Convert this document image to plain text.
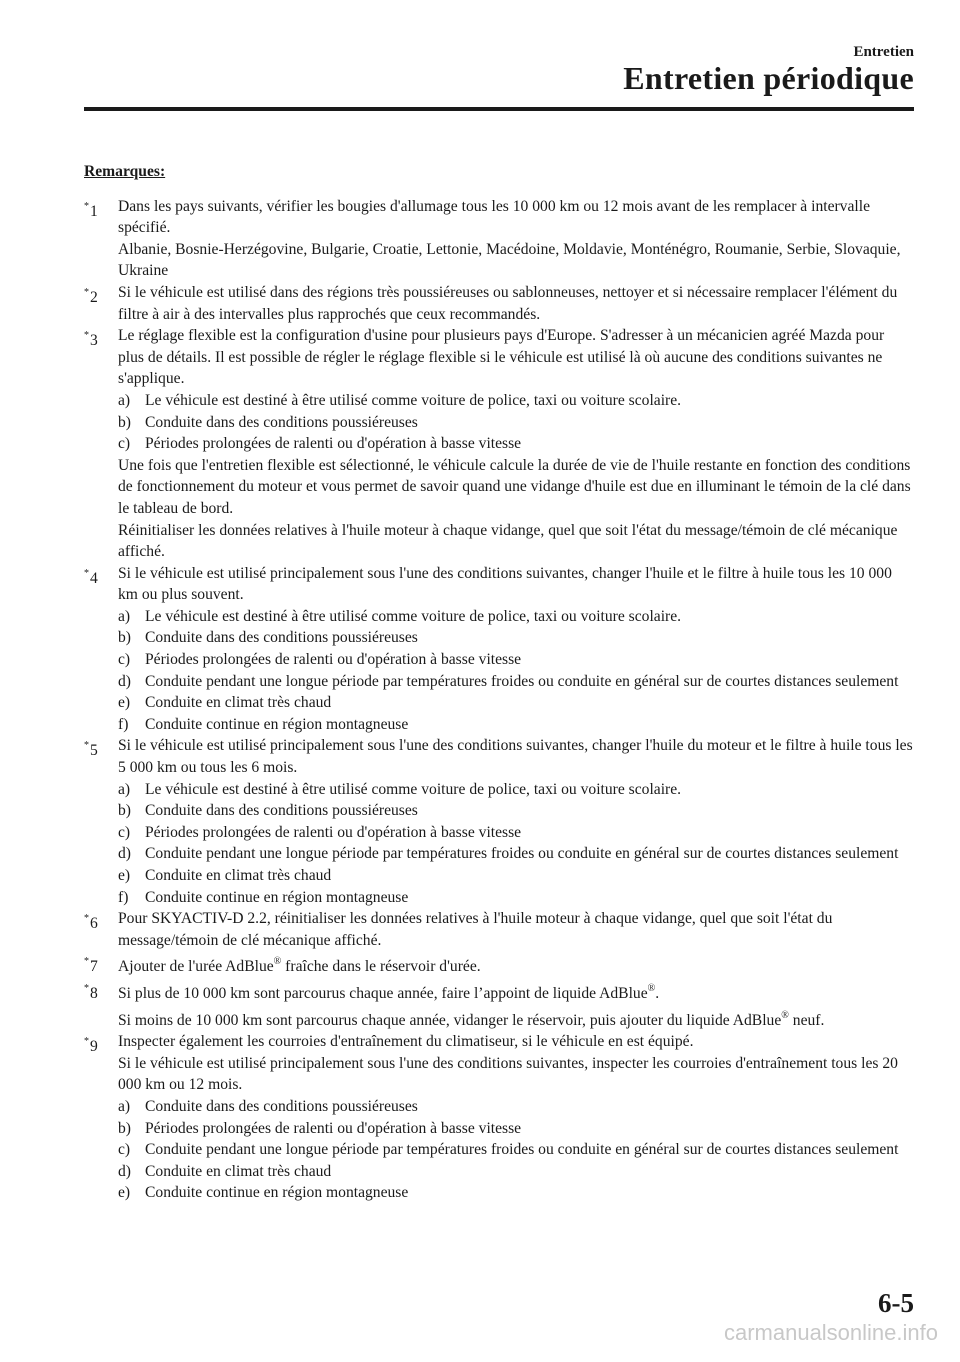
Entretien
Entretien périodique
Remarques:
*1 Dans les pays suivants, vérifier les bougies d'allumage tous les 10 000 km ou 12 mois avant de les remplacer à intervalle spécifié.
Albanie, Bosnie-Herzégovine, Bulgarie, Croatie, Lettonie, Macédoine, Moldavie, Monténégro, Roumanie, Serbie, Slovaquie, Ukraine
*2 Si le véhicule est utilisé dans des régions très poussiéreuses ou sablonneuses, nettoyer et si nécessaire remplacer l'élément du filtre à air à des intervalles plus rapprochés que ceux recommandés.
*3 Le réglage flexible est la configuration d'usine pour plusieurs pays d'Europe. S'adresser à un mécanicien agréé Mazda pour plus de détails. Il est possible de régler le réglage flexible si le véhicule est utilisé là où aucune des conditions suivantes ne s'applique.
a) Le véhicule est destiné à être utilisé comme voiture de police, taxi ou voiture scolaire.
b) Conduite dans des conditions poussiéreuses
c) Périodes prolongées de ralenti ou d'opération à basse vitesse
Une fois que l'entretien flexible est sélectionné, le véhicule calcule la durée de vie de l'huile restante en fonction des conditions de fonctionnement du moteur et vous permet de savoir quand une vidange d'huile est due en illuminant le témoin de la clé dans le tableau de bord.
Réinitialiser les données relatives à l'huile moteur à chaque vidange, quel que soit l'état du message/témoin de clé mécanique affiché.
*4 Si le véhicule est utilisé principalement sous l'une des conditions suivantes, changer l'huile et le filtre à huile tous les 10 000 km ou plus souvent.
a) Le véhicule est destiné à être utilisé comme voiture de police, taxi ou voiture scolaire.
b) Conduite dans des conditions poussiéreuses
c) Périodes prolongées de ralenti ou d'opération à basse vitesse
d) Conduite pendant une longue période par températures froides ou conduite en général sur de courtes distances seulement
e) Conduite en climat très chaud
f) Conduite continue en région montagneuse
*5 Si le véhicule est utilisé principalement sous l'une des conditions suivantes, changer l'huile du moteur et le filtre à huile tous les 5 000 km ou tous les 6 mois.
a) Le véhicule est destiné à être utilisé comme voiture de police, taxi ou voiture scolaire.
b) Conduite dans des conditions poussiéreuses
c) Périodes prolongées de ralenti ou d'opération à basse vitesse
d) Conduite pendant une longue période par températures froides ou conduite en général sur de courtes distances seulement
e) Conduite en climat très chaud
f) Conduite continue en région montagneuse
*6 Pour SKYACTIV-D 2.2, réinitialiser les données relatives à l'huile moteur à chaque vidange, quel que soit l'état du message/témoin de clé mécanique affiché.
*7 Ajouter de l'urée AdBlue® fraîche dans le réservoir d'urée.
*8 Si plus de 10 000 km sont parcourus chaque année, faire l’appoint de liquide AdBlue®.
Si moins de 10 000 km sont parcourus chaque année, vidanger le réservoir, puis ajouter du liquide AdBlue® neuf.
*9 Inspecter également les courroies d'entraînement du climatiseur, si le véhicule en est équipé.
Si le véhicule est utilisé principalement sous l'une des conditions suivantes, inspecter les courroies d'entraînement tous les 20 000 km ou 12 mois.
a) Conduite dans des conditions poussiéreuses
b) Périodes prolongées de ralenti ou d'opération à basse vitesse
c) Conduite pendant une longue période par températures froides ou conduite en général sur de courtes distances seulement
d) Conduite en climat très chaud
e) Conduite continue en région montagneuse
6-5
carmanualsonline.info
